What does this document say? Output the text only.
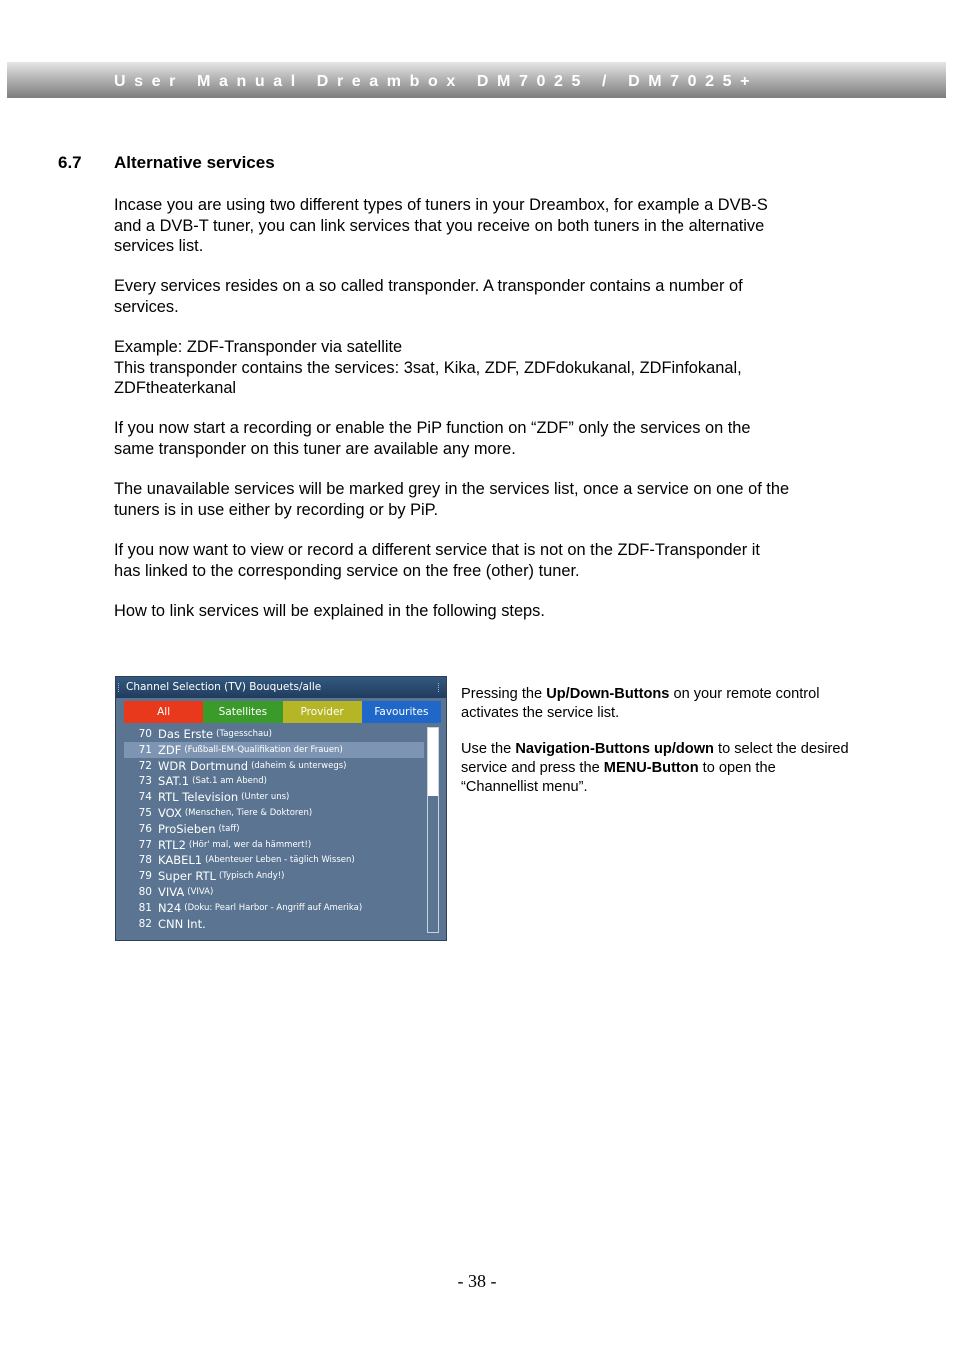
User Manual Dreambox DM7025 / DM7025+
6.7 Alternative services

Incase you are using two different types of tuners in your Dreambox, for example a DVB-S
and a DVB-T tuner, you can link services that you receive on both tuners in the alternative
services list.

Every services resides on a so called transponder. A transponder contains a number of
services.

Example: ZDF-Transponder via satellite
This transponder contains the services: 3sat, Kika, ZDF, ZDFdokukanal, ZDFinfokanal,
ZDFtheaterkanal

If you now start a recording or enable the PiP function on “ZDF” only the services on the
same transponder on this tuner are available any more.

The unavailable services will be marked grey in the services list, once a service on one of the
tuners is in use either by recording or by PiP.

If you now want to view or record a different service that is not on the ZDF-Transponder it
has linked to the corresponding service on the free (other) tuner.

How to link services will be explained in the following steps.

Channel Selection (TV) Bouquets/alle
All	Satellites	Provider	Favourites
70 Das Erste (Tagesschau)
71 ZDF (Fußball-EM-Qualifikation der Frauen)
72 WDR Dortmund (daheim & unterwegs)
73 SAT.1 (Sat.1 am Abend)
74 RTL Television (Unter uns)
75 VOX (Menschen, Tiere & Doktoren)
76 ProSieben (taff)
77 RTL2 (Hör' mal, wer da hämmert!)
78 KABEL1 (Abenteuer Leben - täglich Wissen)
79 Super RTL (Typisch Andy!)
80 VIVA (VIVA)
81 N24 (Doku: Pearl Harbor - Angriff auf Amerika)
82 CNN Int.

Pressing the Up/Down-Buttons on your remote control activates the service list.

Use the Navigation-Buttons up/down to select the desired service and press the MENU-Button to open the “Channellist menu”.

- 38 -
